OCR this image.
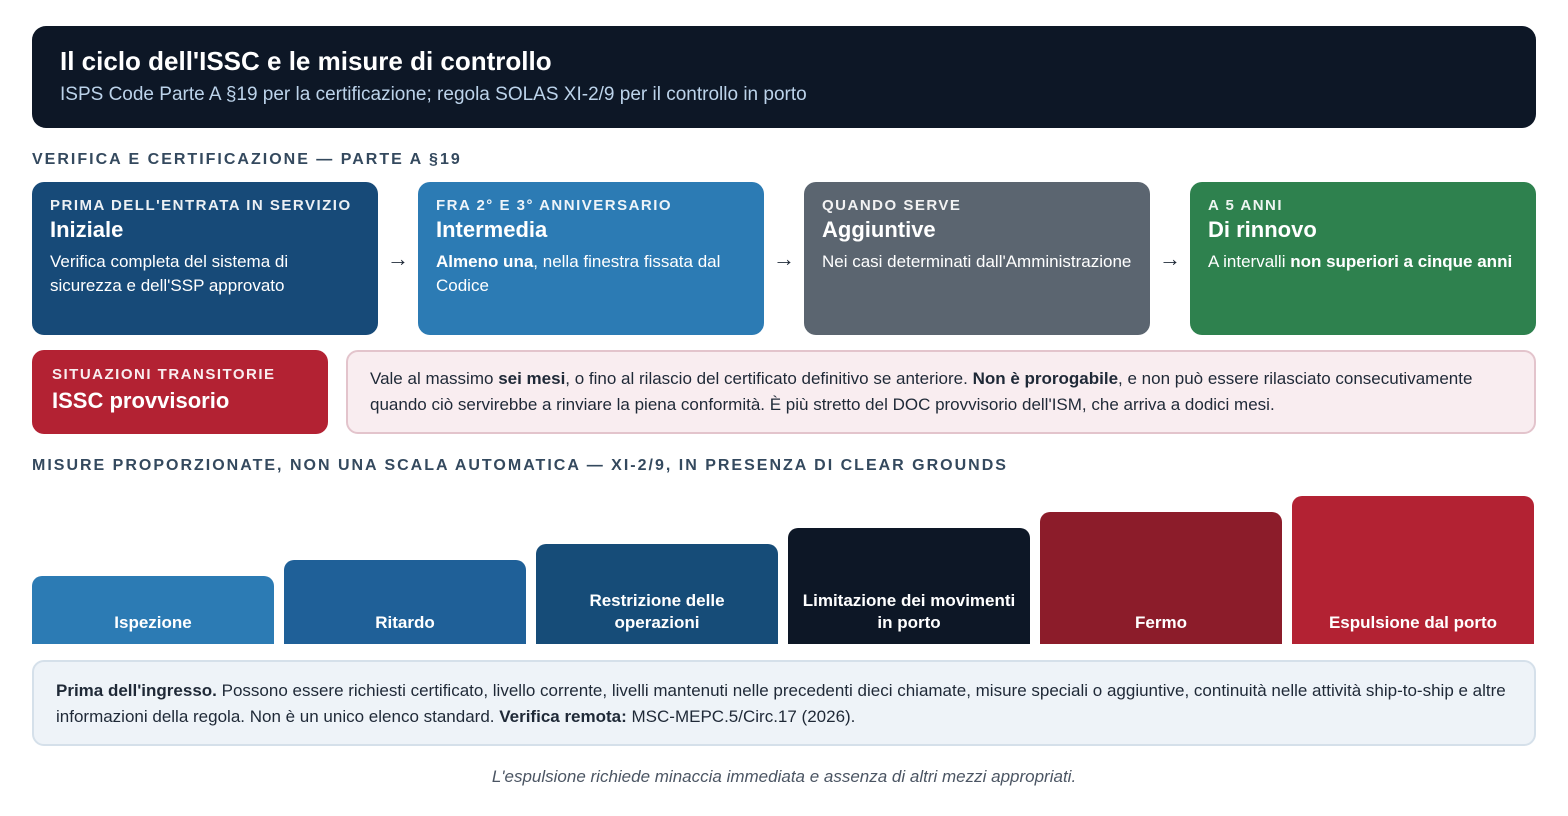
Il ciclo dell'ISSC e le misure di controllo
ISPS Code Parte A §19 per la certificazione; regola SOLAS XI-2/9 per il controllo in porto
VERIFICA E CERTIFICAZIONE — PARTE A §19
PRIMA DELL'ENTRATA IN SERVIZIO
Iniziale
Verifica completa del sistema di sicurezza e dell'SSP approvato
→
FRA 2° E 3° ANNIVERSARIO
Intermedia
Almeno una, nella finestra fissata dal Codice
→
QUANDO SERVE
Aggiuntive
Nei casi determinati dall'Amministrazione →
A 5 ANNI
Di rinnovo
A intervalli non superiori a cinque anni
SITUAZIONI TRANSITORIE
ISSC provvisorio
Vale al massimo sei mesi, o fino al rilascio del certificato definitivo se anteriore. Non è prorogabile, e non può essere rilasciato consecutivamente quando ciò servirebbe a rinviare la piena conformità. È più stretto del DOC provvisorio dell'ISM, che arriva a dodici mesi.
MISURE PROPORZIONATE, NON UNA SCALA AUTOMATICA — XI-2/9, IN PRESENZA DI CLEAR GROUNDS
Ispezione	Ritardo
Restrizione delle operazioni
Limitazione dei movimenti in porto	Fermo	Espulsione dal porto
Prima dell'ingresso. Possono essere richiesti certificato, livello corrente, livelli mantenuti nelle precedenti dieci chiamate, misure speciali o aggiuntive, continuità nelle attività ship-to-ship e altre informazioni della regola. Non è un unico elenco standard. Verifica remota: MSC-MEPC.5/Circ.17 (2026).
L'espulsione richiede minaccia immediata e assenza di altri mezzi appropriati.
